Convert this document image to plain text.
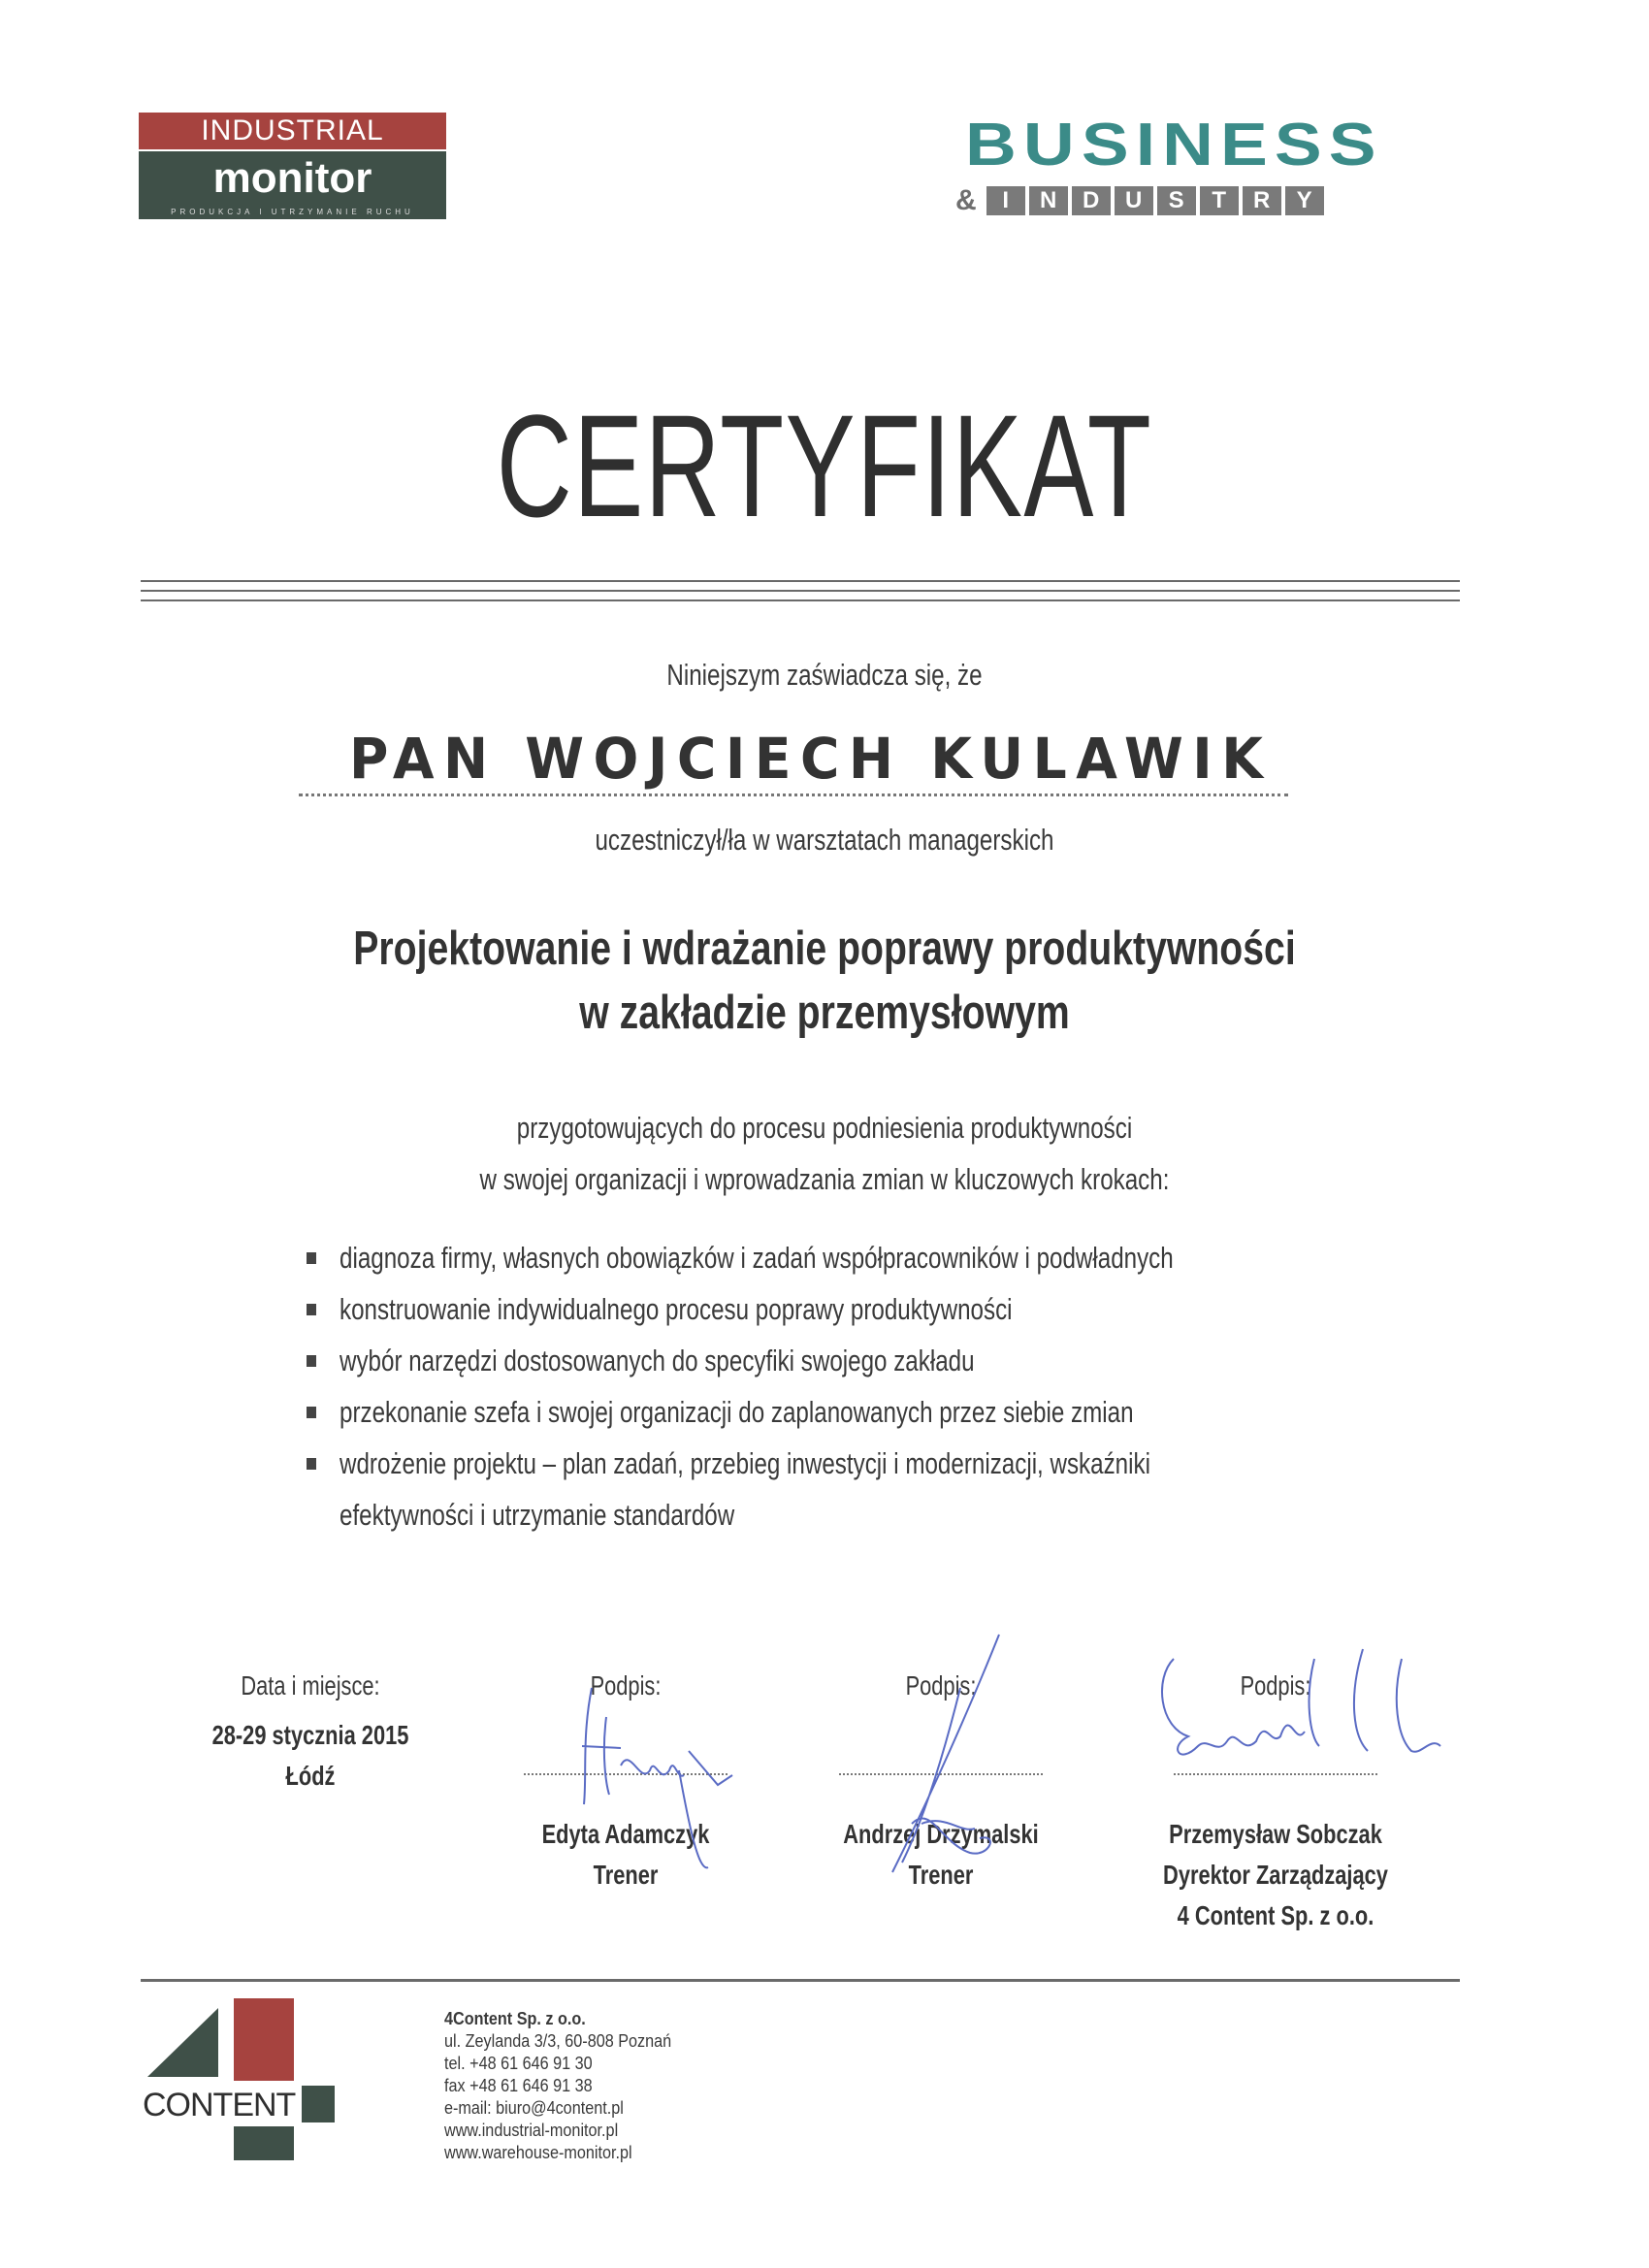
INDUSTRIAL
monitor
PRODUKCJA I UTRZYMANIE RUCHU
BUSINESS
&	I	N	D	U	S	T	R	Y
CERTYFIKAT
Niniejszym zaświadcza się, że
PAN WOJCIECH KULAWIK
uczestniczył/ła w warsztatach managerskich
Projektowanie i wdrażanie poprawy produktywności
w zakładzie przemysłowym
przygotowujących do procesu podniesienia produktywności
w swojej organizacji i wprowadzania zmian w kluczowych krokach:
diagnoza firmy, własnych obowiązków i zadań współpracowników i podwładnych
konstruowanie indywidualnego procesu poprawy produktywności
wybór narzędzi dostosowanych do specyfiki swojego zakładu
przekonanie szefa i swojej organizacji do zaplanowanych przez siebie zmian
wdrożenie projektu – plan zadań, przebieg inwestycji i modernizacji, wskaźniki
efektywności i utrzymanie standardów
Data i miejsce:
28-29 stycznia 2015
Łódź
Podpis:
Edyta Adamczyk
Trener
Podpis:
Andrzej Drzymalski
Trener
Podpis:
Przemysław Sobczak
Dyrektor Zarządzający
4 Content Sp. z o.o.
CONTENT
4Content Sp. z o.o.
ul. Zeylanda 3/3, 60-808 Poznań
tel. +48 61 646 91 30
fax +48 61 646 91 38
e-mail: biuro@4content.pl
www.industrial-monitor.pl
www.warehouse-monitor.pl
